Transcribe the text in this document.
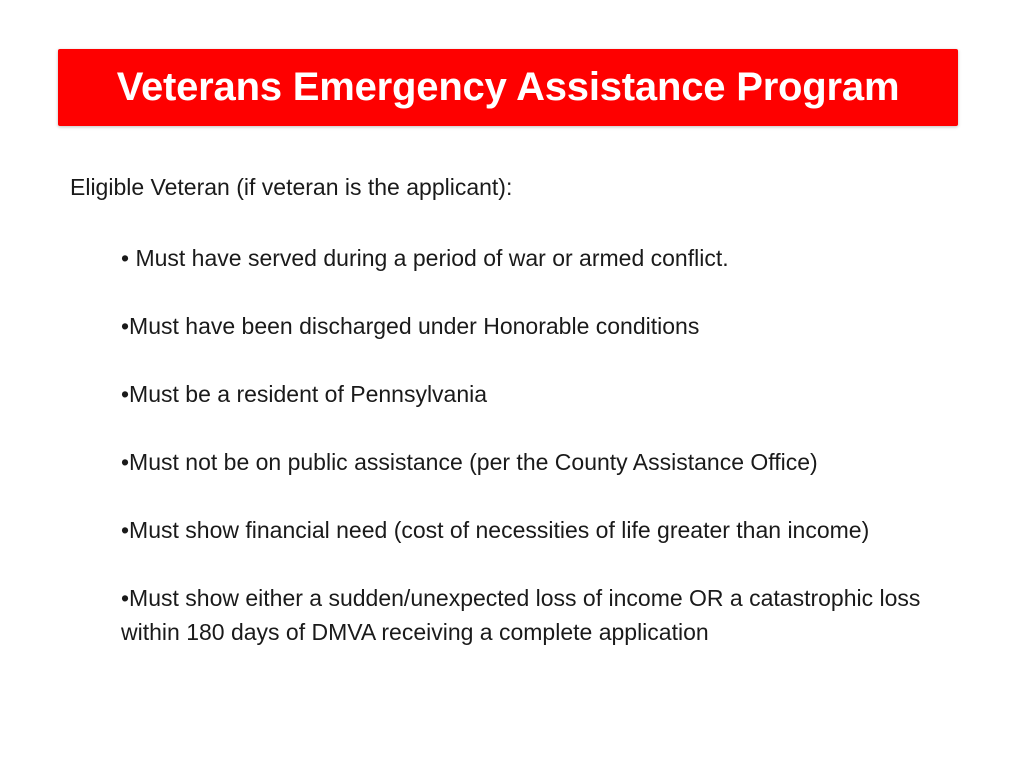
Veterans Emergency Assistance Program
Eligible Veteran (if veteran is the applicant):
• Must have served during a period of war or armed conflict.
•Must have been discharged under Honorable conditions
•Must be a resident of Pennsylvania
•Must not be on public assistance (per the County Assistance Office)
•Must show financial need (cost of necessities of life greater than income)
•Must show either a sudden/unexpected loss of income OR a catastrophic loss within 180 days of DMVA receiving a complete application
